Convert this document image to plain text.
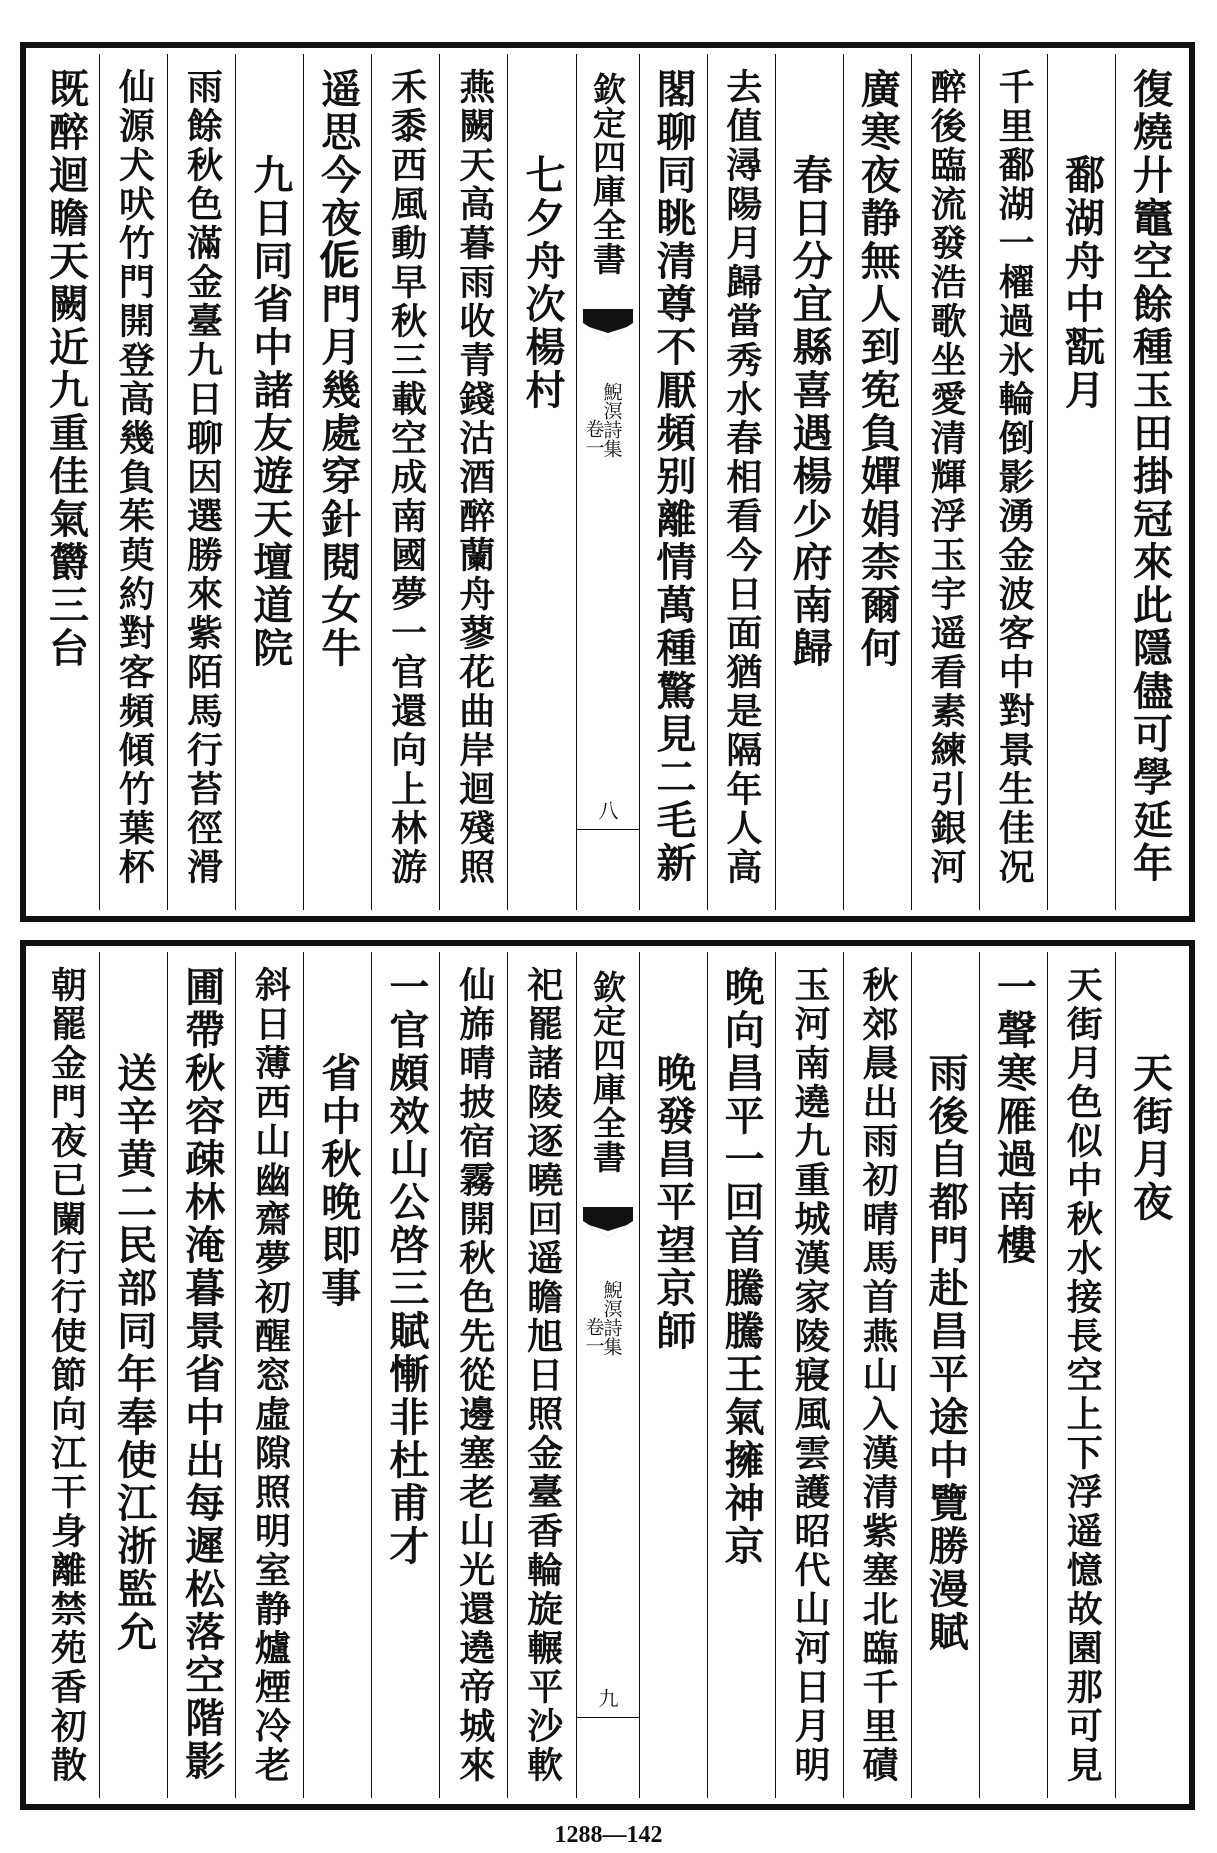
復燒廾竈空餘種玉田掛冠來此隱儘可學延年
鄱湖舟中翫月
千里鄱湖一櫂過氷輪倒影湧金波客中對景生佳况
醉後臨流發浩歌坐愛清輝浮玉宇遥看素練引銀河
廣寒夜静無人到𡨚負嬋娟柰爾何
春日分宜縣喜遇楊少府南歸
去值潯陽月歸當秀水春相看今日面猶是隔年人高
閣聊同眺清尊不厭頻别離情萬種驚見二毛新
欽定四庫全書
鯢溟詩集
卷一
八
七夕舟次楊村
燕闕天高暮雨收青錢沽酒醉蘭舟蓼花曲岸迴殘照
禾黍西風動早秋三載空成南國夢一官還向上林游
遥思今夜𠈁門月幾處穿針閱女牛
九日同省中諸友遊天壇道院
雨餘秋色滿金臺九日聊因選勝來紫陌馬行苔徑滑
仙源犬吠竹門開登高幾負茱萸約對客頻傾竹葉杯
既醉迴瞻天闕近九重佳氣欝三台
天街月夜
天街月色似中秋水接長空上下浮遥憶故園那可見
一聲寒雁過南樓
雨後自都門赴昌平途中覽勝漫賦
秋郊晨出雨初晴馬首燕山入漢清紫塞北臨千里磧
玉河南遶九重城漢家陵寢風雲護昭代山河日月明
晚向昌平一回首騰騰王氣擁神京
晚發昌平望京師
欽定四庫全書
鯢溟詩集
卷一
九
祀罷諸陵逐曉回遥瞻旭日照金臺香輪旋輾平沙軟
仙旆晴披宿霧開秋色先從邊塞老山光還遶帝城來
一官頗效山公啓三賦慚非杜甫才
省中秋晚即事
斜日薄西山幽齋夢初醒窓虛隙照明室静爐煙冷老
圃帶秋容疎林淹暮景省中出每遲松落空階影
送辛黄二民部同年奉使江浙監允
朝罷金門夜已闌行行使節向江干身離禁苑香初散
1288—142
